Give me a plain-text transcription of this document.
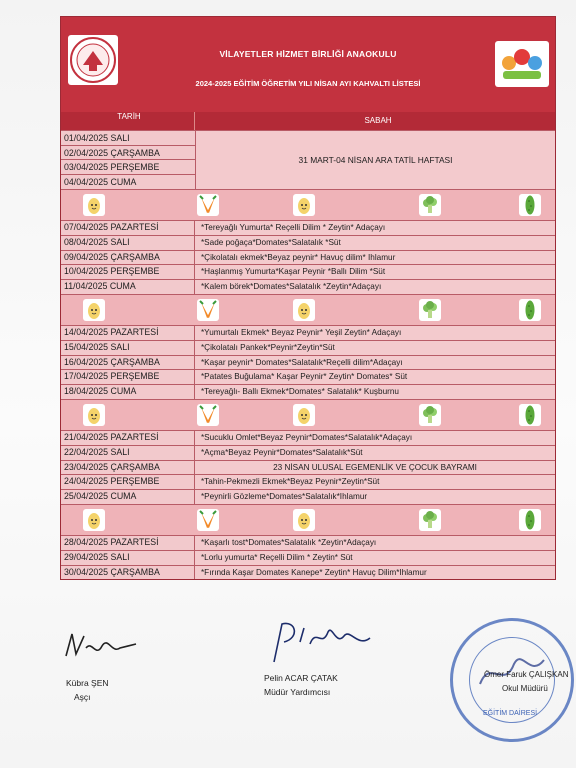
VİLAYETLER HİZMET BİRLİĞİ ANAOKULU
2024-2025 EĞİTİM ÖĞRETİM YILI NİSAN AYI KAHVALTI LİSTESİ
TARİH	SABAH
01/04/2025 SALI
02/04/2025 ÇARŞAMBA
03/04/2025 PERŞEMBE
04/04/2025 CUMA
31 MART-04 NİSAN ARA TATİL HAFTASI
07/04/2025 PAZARTESİ	*Tereyağlı Yumurta* Reçelli Dilim * Zeytin* Adaçayı
08/04/2025 SALI	*Sade poğaça*Domates*Salatalık *Süt
09/04/2025 ÇARŞAMBA	*Çikolatalı ekmek*Beyaz peynir* Havuç dilim* Ihlamur
10/04/2025 PERŞEMBE	*Haşlanmış Yumurta*Kaşar Peynir *Ballı Dilim *Süt
11/04/2025 CUMA	*Kalem börek*Domates*Salatalık *Zeytin*Adaçayı
14/04/2025 PAZARTESİ	*Yumurtalı Ekmek* Beyaz Peynir* Yeşil Zeytin* Adaçayı
15/04/2025 SALI	*Çikolatalı Pankek*Peynir*Zeytin*Süt
16/04/2025 ÇARŞAMBA	*Kaşar peynir* Domates*Salatalık*Reçelli dilim*Adaçayı
17/04/2025 PERŞEMBE	*Patates Buğulama* Kaşar Peynir* Zeytin* Domates* Süt
18/04/2025 CUMA	*Tereyağlı- Ballı Ekmek*Domates* Salatalık* Kuşburnu
21/04/2025 PAZARTESİ	*Sucuklu Omlet*Beyaz Peynir*Domates*Salatalık*Adaçayı
22/04/2025 SALI	*Açma*Beyaz Peynir*Domates*Salatalık*Süt
23/04/2025 ÇARŞAMBA	23 NİSAN ULUSAL EGEMENLİK VE ÇOCUK BAYRAMI
24/04/2025 PERŞEMBE	*Tahin-Pekmezli Ekmek*Beyaz Peynir*Zeytin*Süt
25/04/2025 CUMA	*Peynirli Gözleme*Domates*Salatalık*Ihlamur
28/04/2025 PAZARTESİ	*Kaşarlı tost*Domates*Salatalık *Zeytin*Adaçayı
29/04/2025 SALI	*Lorlu yumurta* Reçelli Dilim * Zeytin* Süt
30/04/2025 ÇARŞAMBA	*Fırında Kaşar Domates Kanepe* Zeytin* Havuç Dilim*Ihlamur
Kübra ŞEN
Aşçı
Pelin ACAR ÇATAK
Müdür Yardımcısı
Ömer Faruk ÇALIŞKAN
Okul Müdürü
EĞİTİM DAİRESİ
